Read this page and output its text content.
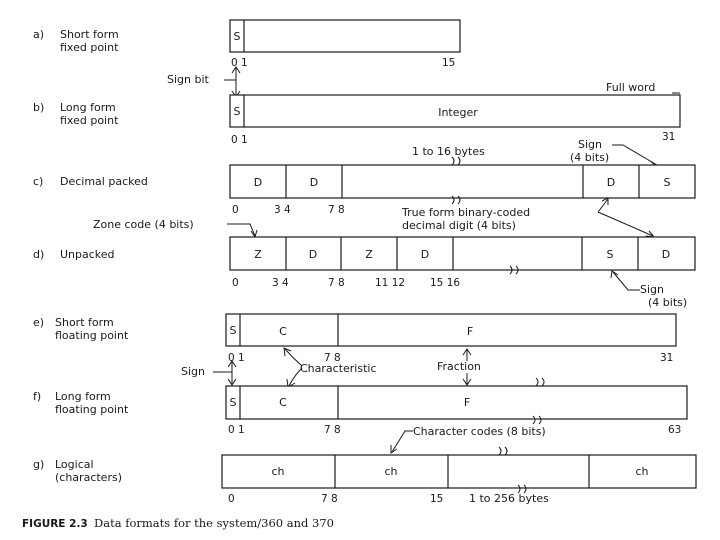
a) Short form
fixed point
S
0 1	15
Sign bit
Full word
b) Long form
fixed point
S	Integer
0 1	31
1 to 16 bytes
Sign
(4 bits)
c) Decimal packed	D	D	D	S
0	3 4	7 8	True form binary-coded
decimal digit (4 bits)
Zone code (4 bits)
d) Unpacked	Z	D	Z	D	S	D
0	3 4	7 8	11 12 15 16	Sign
(4 bits)
e) Short form
floating point	S	C	F
0 1	7 8	31
Sign	Characteristic	Fraction
f) Long form
floating point
S	C	F
0 1	7 8	63
Character codes (8 bits)
g) Logical
(characters)	ch	ch	ch
0	7 8	15 1 to 256 bytes
FIGURE 2.3 Data formats for the system/360 and 370
